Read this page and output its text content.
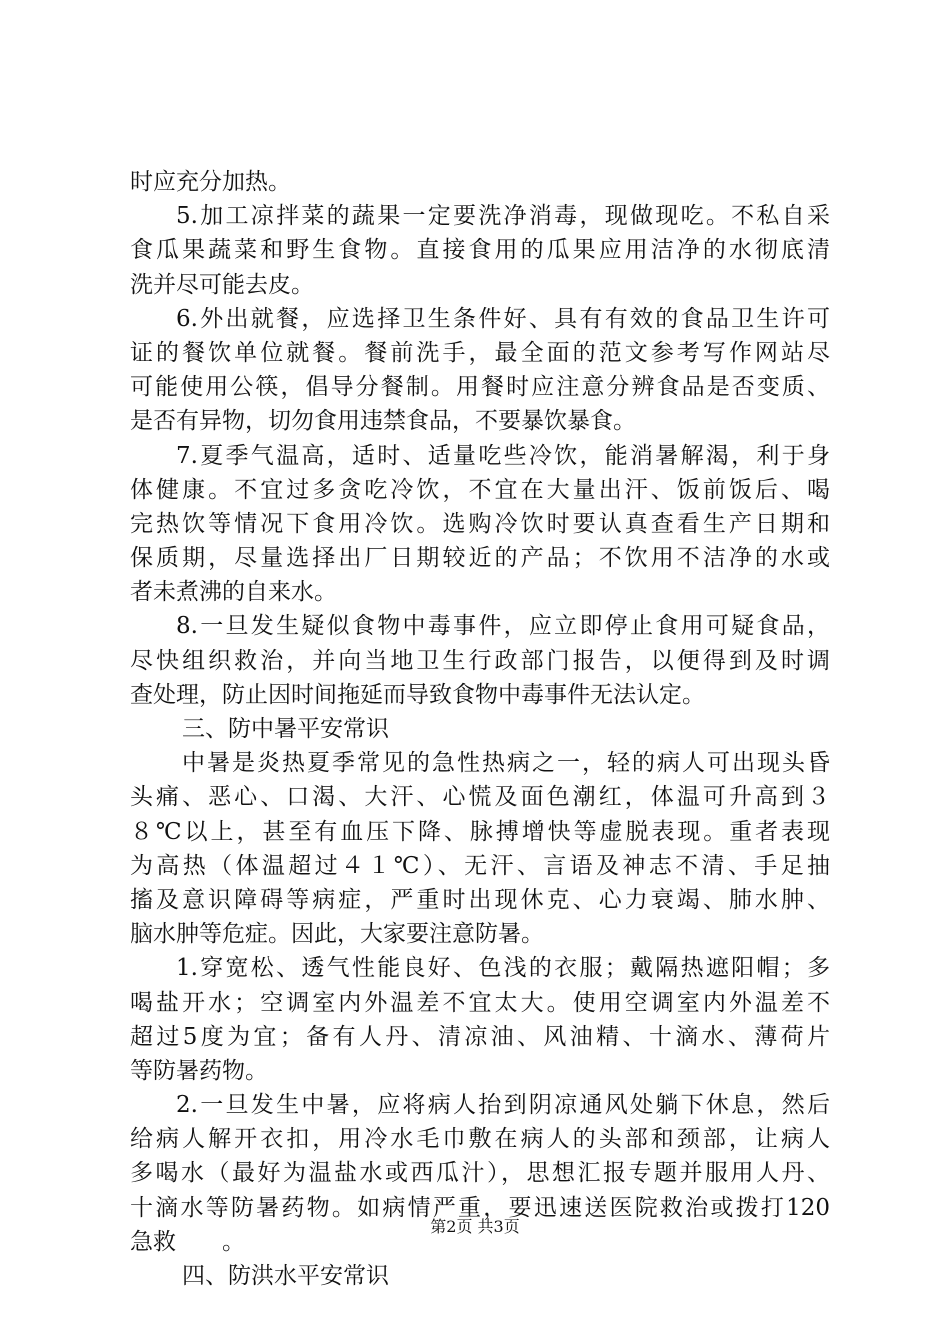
时应充分加热。
5.加工凉拌菜的蔬果一定要洗净消毒，现做现吃。不私自采
食瓜果蔬菜和野生食物。直接食用的瓜果应用洁净的水彻底清
洗并尽可能去皮。
6.外出就餐，应选择卫生条件好、具有有效的食品卫生许可
证的餐饮单位就餐。餐前洗手，最全面的范文参考写作网站尽
可能使用公筷，倡导分餐制。用餐时应注意分辨食品是否变质、
是否有异物，切勿食用违禁食品，不要暴饮暴食。
7.夏季气温高，适时、适量吃些冷饮，能消暑解渴，利于身
体健康。不宜过多贪吃冷饮，不宜在大量出汗、饭前饭后、喝
完热饮等情况下食用冷饮。选购冷饮时要认真查看生产日期和
保质期，尽量选择出厂日期较近的产品；不饮用不洁净的水或
者未煮沸的自来水。
8.一旦发生疑似食物中毒事件，应立即停止食用可疑食品，
尽快组织救治，并向当地卫生行政部门报告，以便得到及时调
查处理，防止因时间拖延而导致食物中毒事件无法认定。
三、防中暑平安常识
中暑是炎热夏季常见的急性热病之一，轻的病人可出现头昏
头痛、恶心、口渴、大汗、心慌及面色潮红，体温可升高到３
８℃以上，甚至有血压下降、脉搏增快等虚脱表现。重者表现
为高热（体温超过４１℃）、无汗、言语及神志不清、手足抽
搐及意识障碍等病症，严重时出现休克、心力衰竭、肺水肿、
脑水肿等危症。因此，大家要注意防暑。
1.穿宽松、透气性能良好、色浅的衣服；戴隔热遮阳帽；多
喝盐开水；空调室内外温差不宜太大。使用空调室内外温差不
超过5度为宜；备有人丹、清凉油、风油精、十滴水、薄荷片
等防暑药物。
2.一旦发生中暑，应将病人抬到阴凉通风处躺下休息，然后
给病人解开衣扣，用冷水毛巾敷在病人的头部和颈部，让病人
多喝水（最好为温盐水或西瓜汁），思想汇报专题并服用人丹、
十滴水等防暑药物。如病情严重，要迅速送医院救治或拨打120
急救　　。
四、防洪水平安常识
第2页 共3页
